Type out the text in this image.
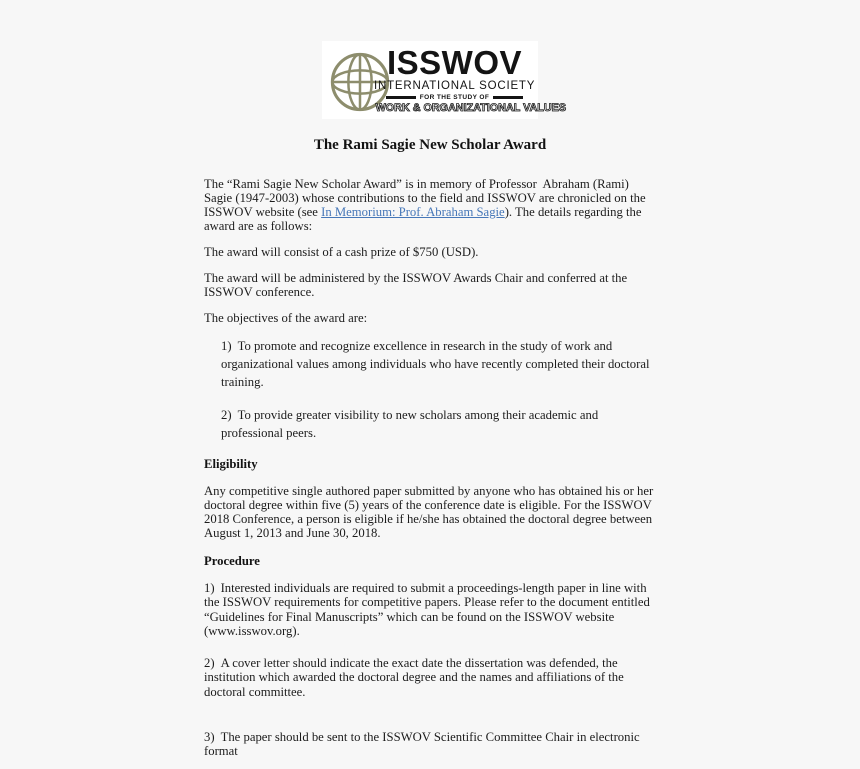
ISSWOV
INTERNATIONAL SOCIETY
FOR THE STUDY OF
WORK & ORGANIZATIONAL VALUES
The Rami Sagie New Scholar Award

The “Rami Sagie New Scholar Award” is in memory of Professor  Abraham (Rami) Sagie (1947-2003) whose contributions to the field and ISSWOV are chronicled on the ISSWOV website (see In Memorium: Prof. Abraham Sagie). The details regarding the award are as follows:

The award will consist of a cash prize of $750 (USD).

The award will be administered by the ISSWOV Awards Chair and conferred at the ISSWOV conference.

The objectives of the award are:

1) To promote and recognize excellence in research in the study of work and organizational values among individuals who have recently completed their doctoral training.
2) To provide greater visibility to new scholars among their academic and     professional peers.
Eligibility

Any competitive single authored paper submitted by anyone who has obtained his or her doctoral degree within five (5) years of the conference date is eligible. For the ISSWOV 2018 Conference, a person is eligible if he/she has obtained the doctoral degree between August 1, 2013 and June 30, 2018.

Procedure
1) Interested individuals are required to submit a proceedings-length paper in line with the ISSWOV requirements for competitive papers. Please refer to the document entitled “Guidelines for Final Manuscripts” which can be found on the ISSWOV website (www.isswov.org).
2) A cover letter should indicate the exact date the dissertation was defended, the institution which awarded the doctoral degree and the names and affiliations of the doctoral committee.
3) The paper should be sent to the ISSWOV Scientific Committee Chair in electronic format
